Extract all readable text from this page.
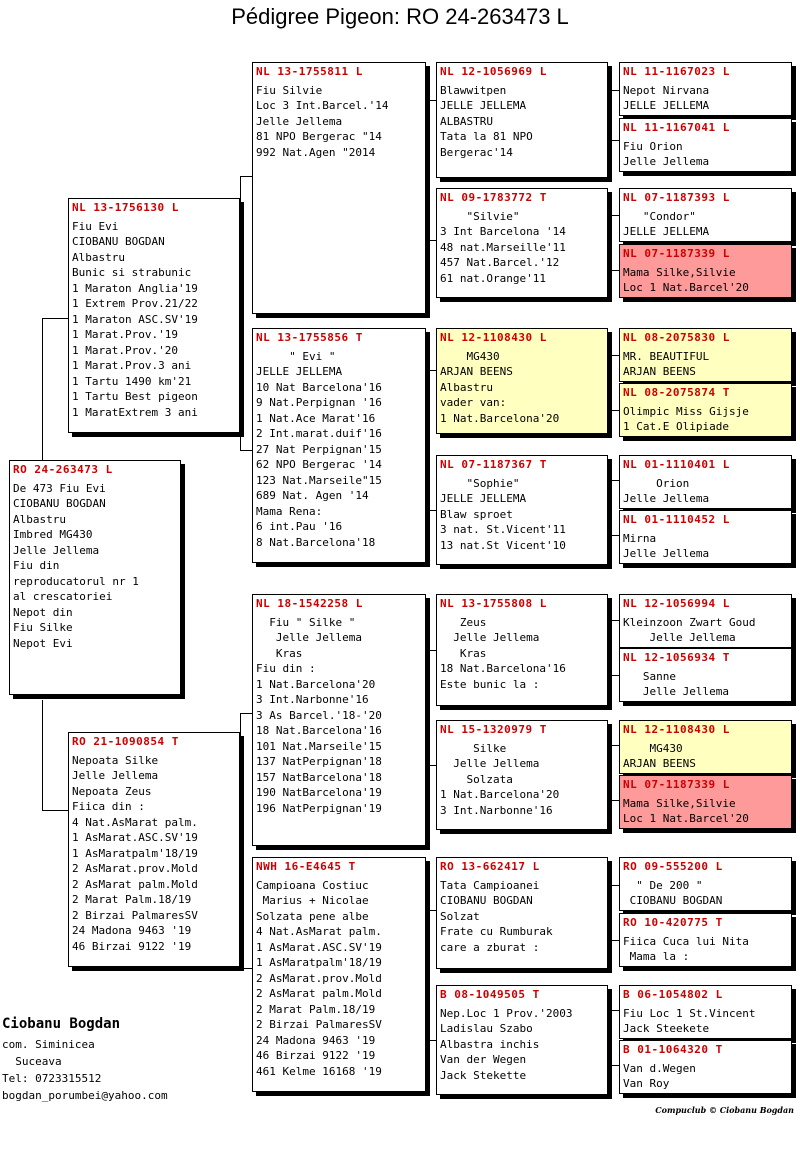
Pédigree Pigeon: RO 24-263473 L
RO 24-263473 L
De 473 Fiu Evi
CIOBANU BOGDAN
Albastru
Imbred MG430
Jelle Jellema
Fiu din
reproducatorul nr 1
al crescatoriei
Nepot din
Fiu Silke
Nepot Evi
NL 13-1756130 L
Fiu Evi
CIOBANU BOGDAN
Albastru
Bunic si strabunic
1 Maraton Anglia'19
1 Extrem Prov.21/22
1 Maraton ASC.SV'19
1 Marat.Prov.'19
1 Marat.Prov.'20
1 Marat.Prov.3 ani
1 Tartu 1490 km'21
1 Tartu Best pigeon
1 MaratExtrem 3 ani
RO 21-1090854 T
Nepoata Silke
Jelle Jellema
Nepoata Zeus
Fiica din :
4 Nat.AsMarat palm.
1 AsMarat.ASC.SV'19
1 AsMaratpalm'18/19
2 AsMarat.prov.Mold
2 AsMarat palm.Mold
2 Marat Palm.18/19
2 Birzai PalmaresSV
24 Madona 9463 '19
46 Birzai 9122 '19
NL 13-1755811 L
Fiu Silvie
Loc 3 Int.Barcel.'14
Jelle Jellema
81 NPO Bergerac "14
992 Nat.Agen "2014
NL 13-1755856 T
" Evi "
JELLE JELLEMA
10 Nat Barcelona'16
9 Nat.Perpignan '16
1 Nat.Ace Marat'16
2 Int.marat.duif'16
27 Nat Perpignan'15
62 NPO Bergerac '14
123 Nat.Marseile"15
689 Nat. Agen '14
Mama Rena:
6 int.Pau '16
8 Nat.Barcelona'18
NL 18-1542258 L
Fiu " Silke "
Jelle Jellema
Kras
Fiu din :
1 Nat.Barcelona'20
3 Int.Narbonne'16
3 As Barcel.'18-'20
18 Nat.Barcelona'16
101 Nat.Marseile'15
137 NatPerpignan'18
157 NatBarcelona'18
190 NatBarcelona'19
196 NatPerpignan'19
NWH 16-E4645 T
Campioana Costiuc
Marius + Nicolae
Solzata pene albe
4 Nat.AsMarat palm.
1 AsMarat.ASC.SV'19
1 AsMaratpalm'18/19
2 AsMarat.prov.Mold
2 AsMarat palm.Mold
2 Marat Palm.18/19
2 Birzai PalmaresSV
24 Madona 9463 '19
46 Birzai 9122 '19
461 Kelme 16168 '19
NL 12-1056969 L
Blawwitpen
JELLE JELLEMA
ALBASTRU
Tata la 81 NPO
Bergerac'14
NL 09-1783772 T
"Silvie"
3 Int Barcelona '14
48 nat.Marseille'11
457 Nat.Barcel.'12
61 nat.Orange'11
NL 12-1108430 L
MG430
ARJAN BEENS
Albastru
vader van:
1 Nat.Barcelona'20
NL 07-1187367 T
"Sophie"
JELLE JELLEMA
Blaw sproet
3 nat. St.Vicent'11
13 nat.St Vicent'10
NL 13-1755808 L
Zeus
Jelle Jellema
Kras
18 Nat.Barcelona'16
Este bunic la :
NL 15-1320979 T
Silke
Jelle Jellema
Solzata
1 Nat.Barcelona'20
3 Int.Narbonne'16
RO 13-662417 L
Tata Campioanei
CIOBANU BOGDAN
Solzat
Frate cu Rumburak
care a zburat :
B 08-1049505 T
Nep.Loc 1 Prov.'2003
Ladislau Szabo
Albastra inchis
Van der Wegen
Jack Stekette
NL 11-1167023 L
Nepot Nirvana
JELLE JELLEMA
NL 11-1167041 L
Fiu Orion
Jelle Jellema
NL 07-1187393 L
"Condor"
JELLE JELLEMA
NL 07-1187339 L
Mama Silke,Silvie
Loc 1 Nat.Barcel'20
NL 08-2075830 L
MR. BEAUTIFUL
ARJAN BEENS
NL 08-2075874 T
Olimpic Miss Gijsje
1 Cat.E Olipiade
NL 01-1110401 L
Orion
Jelle Jellema
NL 01-1110452 L
Mirna
Jelle Jellema
NL 12-1056994 L
Kleinzoon Zwart Goud
Jelle Jellema
NL 12-1056934 T
Sanne
Jelle Jellema
NL 12-1108430 L
MG430
ARJAN BEENS
NL 07-1187339 L
Mama Silke,Silvie
Loc 1 Nat.Barcel'20
RO 09-555200 L
" De 200 "
CIOBANU BOGDAN
RO 10-420775 T
Fiica Cuca lui Nita
Mama la :
B 06-1054802 L
Fiu Loc 1 St.Vincent
Jack Steekete
B 01-1064320 T
Van d.Wegen
Van Roy
Ciobanu Bogdan
com. Siminicea
Suceava
Tel: 0723315512
bogdan_porumbei@yahoo.com
Compuclub © Ciobanu Bogdan
